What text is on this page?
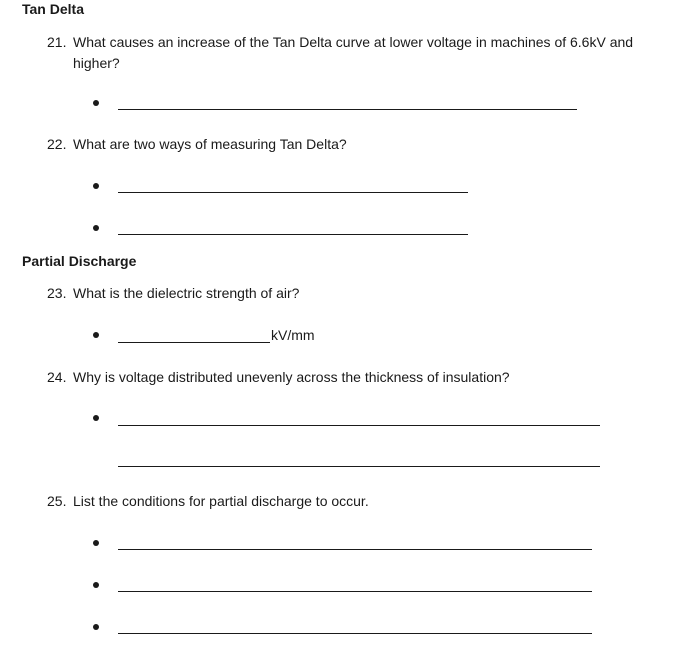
Tan Delta
21. What causes an increase of the Tan Delta curve at lower voltage in machines of 6.6kV and higher?
22. What are two ways of measuring Tan Delta?
Partial Discharge
23. What is the dielectric strength of air?
kV/mm
24. Why is voltage distributed unevenly across the thickness of insulation?
25. List the conditions for partial discharge to occur.
